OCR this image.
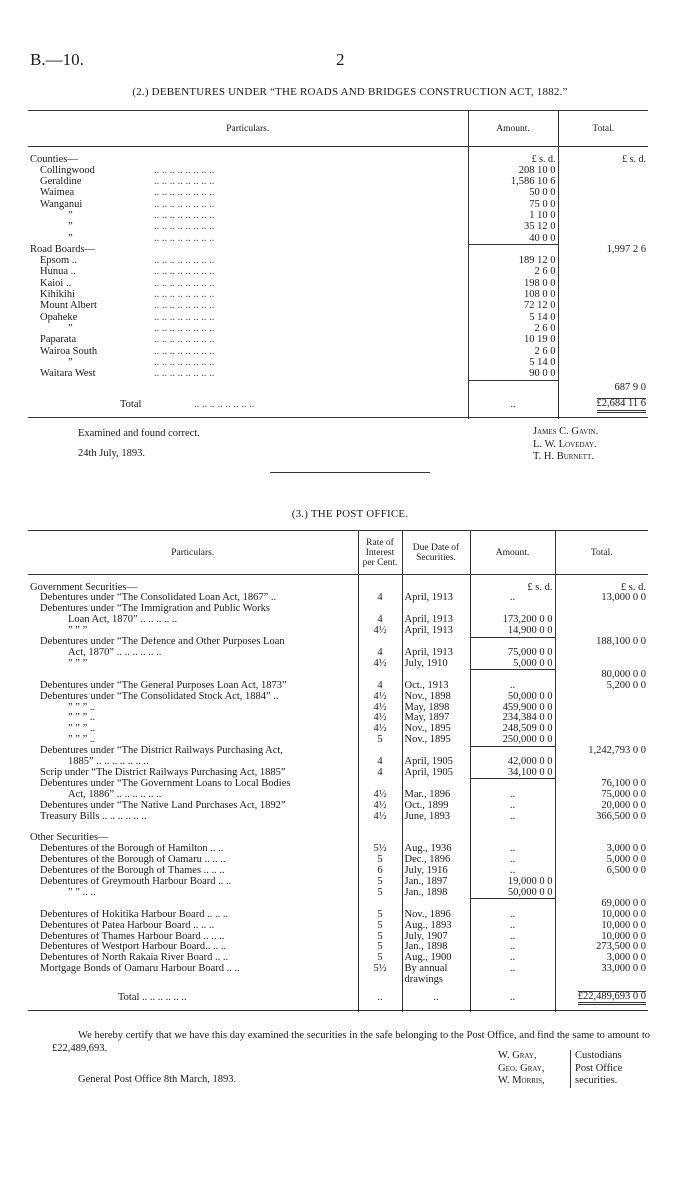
B.—10.	2
(2.) DEBENTURES UNDER “THE ROADS AND BRIDGES CONSTRUCTION ACT, 1882.”
Particulars.	Amount.	Total.

Counties—	£ s. d.	£ s. d.

Collingwood .. .. .. .. .. .. .. ..	208 10 0	
Geraldine .. .. .. .. .. .. .. ..	1,586 10 6	
Waimea .. .. .. .. .. .. .. ..	50 0 0	
Wanganui .. .. .. .. .. .. .. ..	75 0 0	
” .. .. .. .. .. .. .. ..	1 10 0	
” .. .. .. .. .. .. .. ..	35 12 0	
” .. .. .. .. .. .. .. ..	40 0 0	
Road Boards—		1,997 2 6
Epsom .. .. .. .. .. .. .. .. ..	189 12 0	
Hunua .. .. .. .. .. .. .. .. ..	2 6 0	
Kaioi .. .. .. .. .. .. .. .. ..	198 0 0	
Kihikihi .. .. .. .. .. .. .. ..	108 0 0	
Mount Albert .. .. .. .. .. .. .. ..	72 12 0	
Opaheke .. .. .. .. .. .. .. ..	5 14 0	
” .. .. .. .. .. .. .. ..	2 6 0	
Paparata .. .. .. .. .. .. .. ..	10 19 0	
Wairoa South .. .. .. .. .. .. .. ..	2 6 0	
” .. .. .. .. .. .. .. ..	5 14 0	
Waitara West .. .. .. .. .. .. .. ..	90 0 0	
		687 9 0
Total .. .. .. .. .. .. .. ..	..	£2,684 11 6

Examined and found correct.
24th July, 1893.
James C. Gavin.
L. W. Loveday.
T. H. Burnett.
(3.) THE POST OFFICE.
Particulars.	Rate of Interest per Cent.	Due Date of Securities.	Amount.	Total.

Government Securities—			£ s. d.	£ s. d.
Debentures under “The Consolidated Loan Act, 1867” ..	4	April, 1913	..	13,000 0 0
Debentures under “The Immigration and Public Works				
Loan Act, 1870” .. .. .. .. ..	4	April, 1913	173,200 0 0	
” ” ”	4½	April, 1913	14,900 0 0	
Debentures under “The Defence and Other Purposes Loan				188,100 0 0
Act, 1870” .. .. .. .. .. ..	4	April, 1913	75,000 0 0	
” ” ”	4½	July, 1910	5,000 0 0	
				80,000 0 0
Debentures under “The General Purposes Loan Act, 1873”	4	Oct., 1913	..	5,200 0 0
Debentures under “The Consolidated Stock Act, 1884” ..	4½	Nov., 1898	50,000 0 0	
” ” ” ..	4½	May, 1898	459,900 0 0	
” ” ” ..	4½	May, 1897	234,384 0 0	
” ” ” ..	4½	Nov., 1895	248,509 0 0	
” ” ” ..	5	Nov., 1895	250,000 0 0	
Debentures under “The District Railways Purchasing Act,				1,242,793 0 0
1885” .. .. .. .. .. .. ..	4	April, 1905	42,000 0 0	
Scrip under “The District Railways Purchasing Act, 1885”	4	April, 1905	34,100 0 0	
Debentures under “The Government Loans to Local Bodies				76,100 0 0
Act, 1886” .. .. .. .. .. ..	4½	Mar., 1896	..	75,000 0 0
Debentures under “The Native Land Purchases Act, 1892”	4½	Oct., 1899	..	20,000 0 0
Treasury Bills .. .. .. .. .. ..	4½	June, 1893	..	366,500 0 0

Other Securities—				
Debentures of the Borough of Hamilton .. ..	5½	Aug., 1936	..	3,000 0 0
Debentures of the Borough of Oamaru .. .. ..	5	Dec., 1896	..	5,000 0 0
Debentures of the Borough of Thames .. .. ..	6	July, 1916	..	6,500 0 0
Debentures of Greymouth Harbour Board .. ..	5	Jan., 1897	19,000 0 0	
” ” .. ..	5	Jan., 1898	50,000 0 0	
				69,000 0 0
Debentures of Hokitika Harbour Board .. .. ..	5	Nov., 1896	..	10,000 0 0
Debentures of Patea Harbour Board .. .. ..	5	Aug., 1893	..	10,000 0 0
Debentures of Thames Harbour Board .. .. ..	5	July, 1907	..	10,000 0 0
Debentures of Westport Harbour Board.. .. ..	5	Jan., 1898	..	273,500 0 0
Debentures of North Rakaia River Board .. ..	5	Aug., 1900	..	3,000 0 0
Mortgage Bonds of Oamaru Harbour Board .. ..	5½	By annual	..	33,000 0 0
		drawings		
Total .. .. .. .. .. ..	..	..	..	£22,489,693 0 0

We hereby certify that we have this day examined the securities in the safe belonging to the Post Office, and find the same to amount to £22,489,693.
General Post Office 8th March, 1893.
W. Gray,
Geo. Gray,
W. Morris,
Custodians
Post Office
securities.
